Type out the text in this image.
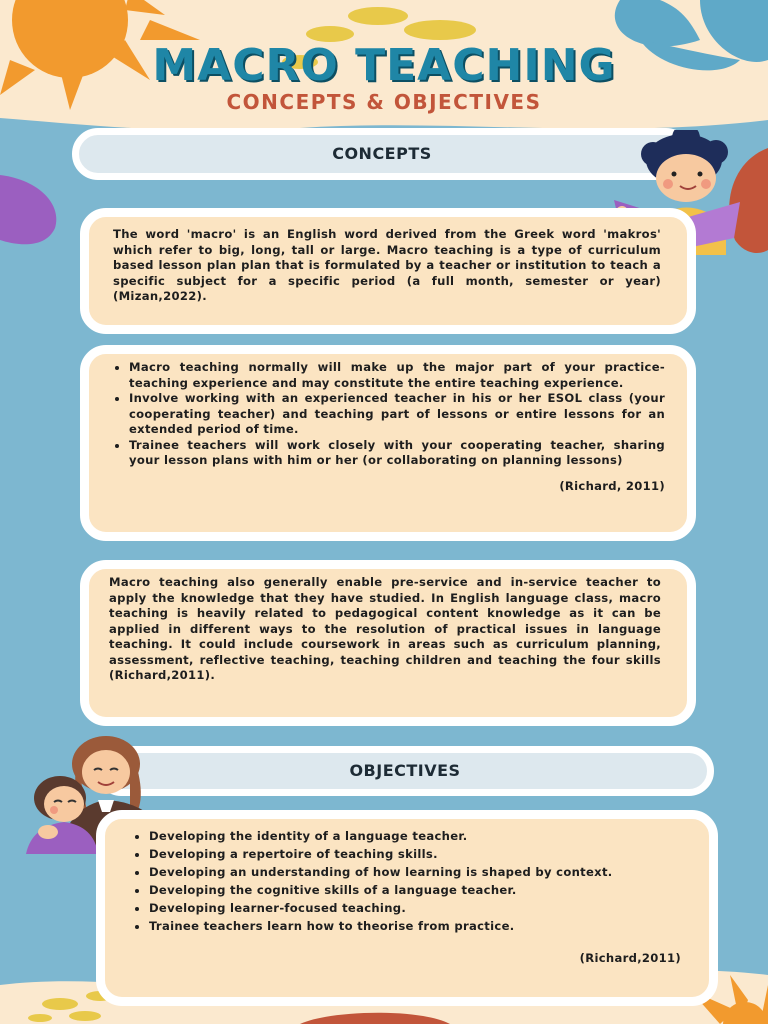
MACRO TEACHING
CONCEPTS & OBJECTIVES
CONCEPTS
The word 'macro' is an English word derived from the Greek word 'makros' which refer to big, long, tall or large. Macro teaching is a type of curriculum based lesson plan plan that is formulated by a teacher or institution to teach a specific subject for a specific period (a full month, semester or year) (Mizan,2022).
• Macro teaching normally will make up the major part of your practice-teaching experience and may constitute the entire teaching experience.
• Involve working with an experienced teacher in his or her ESOL class (your cooperating teacher) and teaching part of lessons or entire lessons for an extended period of time.
• Trainee teachers will work closely with your cooperating teacher, sharing your lesson plans with him or her (or collaborating on planning lessons)
(Richard, 2011)
Macro teaching also generally enable pre-service and in-service teacher to apply the knowledge that they have studied. In English language class, macro teaching is heavily related to pedagogical content knowledge as it can be applied in different ways to the resolution of practical issues in language teaching. It could include coursework in areas such as curriculum planning, assessment, reflective teaching, teaching children and teaching the four skills (Richard,2011).
OBJECTIVES
• Developing the identity of a language teacher.
• Developing a repertoire of teaching skills.
• Developing an understanding of how learning is shaped by context.
• Developing the cognitive skills of a language teacher.
• Developing learner-focused teaching.
• Trainee teachers learn how to theorise from practice.
(Richard,2011)
